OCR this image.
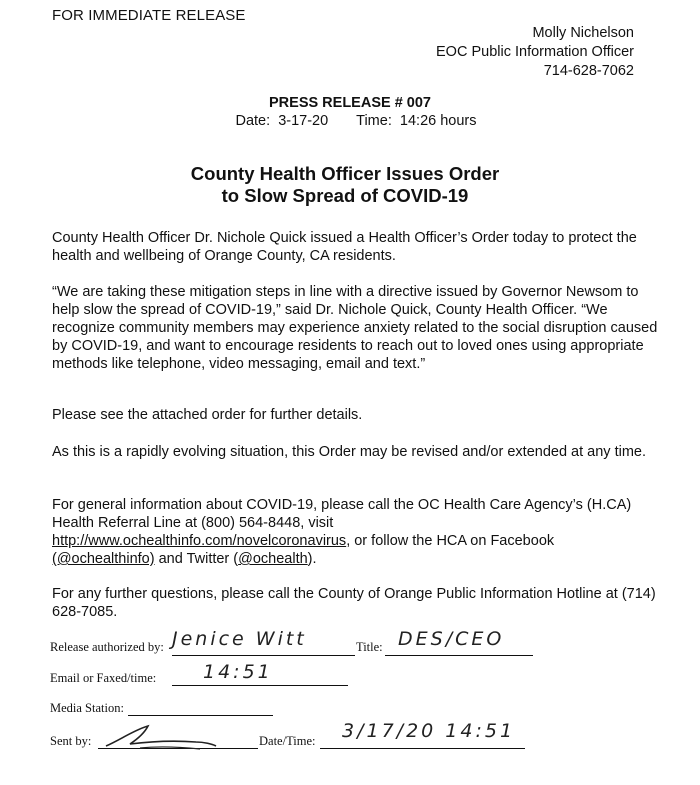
FOR IMMEDIATE RELEASE
Molly Nichelson
EOC Public Information Officer
714-628-7062
PRESS RELEASE # 007
Date: 3-17-20 Time: 14:26 hours
County Health Officer Issues Order
to Slow Spread of COVID-19

County Health Officer Dr. Nichole Quick issued a Health Officer’s Order today to protect the health and wellbeing of Orange County, CA residents.

“We are taking these mitigation steps in line with a directive issued by Governor Newsom to help slow the spread of COVID-19,” said Dr. Nichole Quick, County Health Officer. “We recognize community members may experience anxiety related to the social disruption caused by COVID-19, and want to encourage residents to reach out to loved ones using appropriate methods like telephone, video messaging, email and text.”

Please see the attached order for further details.

As this is a rapidly evolving situation, this Order may be revised and/or extended at any time.

For general information about COVID-19, please call the OC Health Care Agency’s (H.CA) Health Referral Line at (800) 564-8448, visit
http://www.ochealthinfo.com/novelcoronavirus, or follow the HCA on Facebook
(@ochealthinfo) and Twitter (@ochealth).

For any further questions, please call the County of Orange Public Information Hotline at (714) 628-7085.

Release authorized by: Jenice Witt	Title: DES/CEO
Email or Faxed/time: 14:51
Media Station:
Sent by:	Date/Time: 3/17/20 14:51
